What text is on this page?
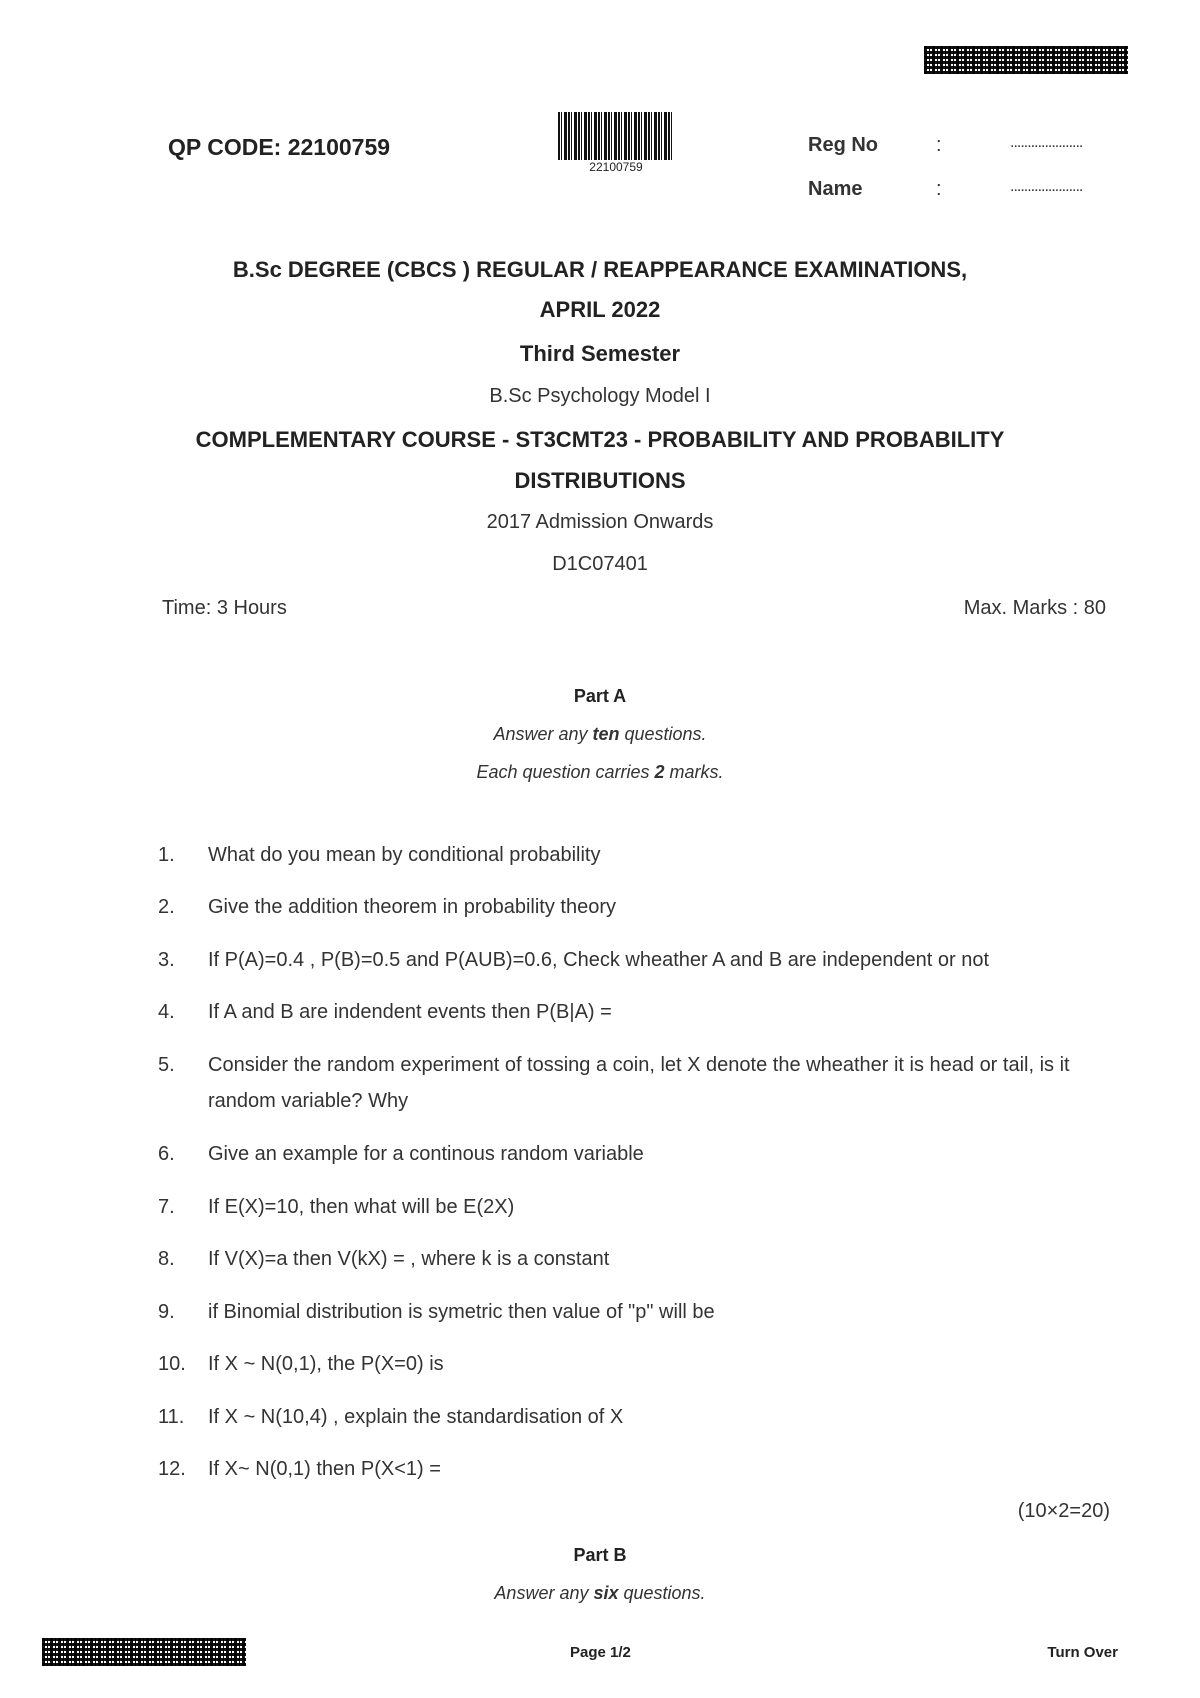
QP CODE: 22100759
22100759
Reg No	:	.....................
Name	:	.....................
B.Sc DEGREE (CBCS ) REGULAR / REAPPEARANCE EXAMINATIONS,
APRIL 2022
Third Semester
B.Sc Psychology Model I
COMPLEMENTARY COURSE - ST3CMT23 - PROBABILITY AND PROBABILITY
DISTRIBUTIONS
2017 Admission Onwards
D1C07401
Time: 3 Hours	Max. Marks : 80
Part A
Answer any ten questions.
Each question carries 2 marks.
1.	What do you mean by conditional probability
2.	Give the addition theorem in probability theory
3.	If P(A)=0.4 , P(B)=0.5 and P(AUB)=0.6, Check wheather A and B are independent or not
4.	If A and B are indendent events then P(B|A) =
5.	Consider the random experiment of tossing a coin, let X denote the wheather it is head or tail, is it random variable? Why
6.	Give an example for a continous random variable
7.	If E(X)=10, then what will be E(2X)
8.	If V(X)=a then V(kX) = , where k is a constant
9.	if Binomial distribution is symetric then value of "p" will be
10. If X ~ N(0,1), the P(X=0) is
11. If X ~ N(10,4) , explain the standardisation of X
12. If X~ N(0,1) then P(X<1) =
(10×2=20)
Part B
Answer any six questions.
Page 1/2	Turn Over
